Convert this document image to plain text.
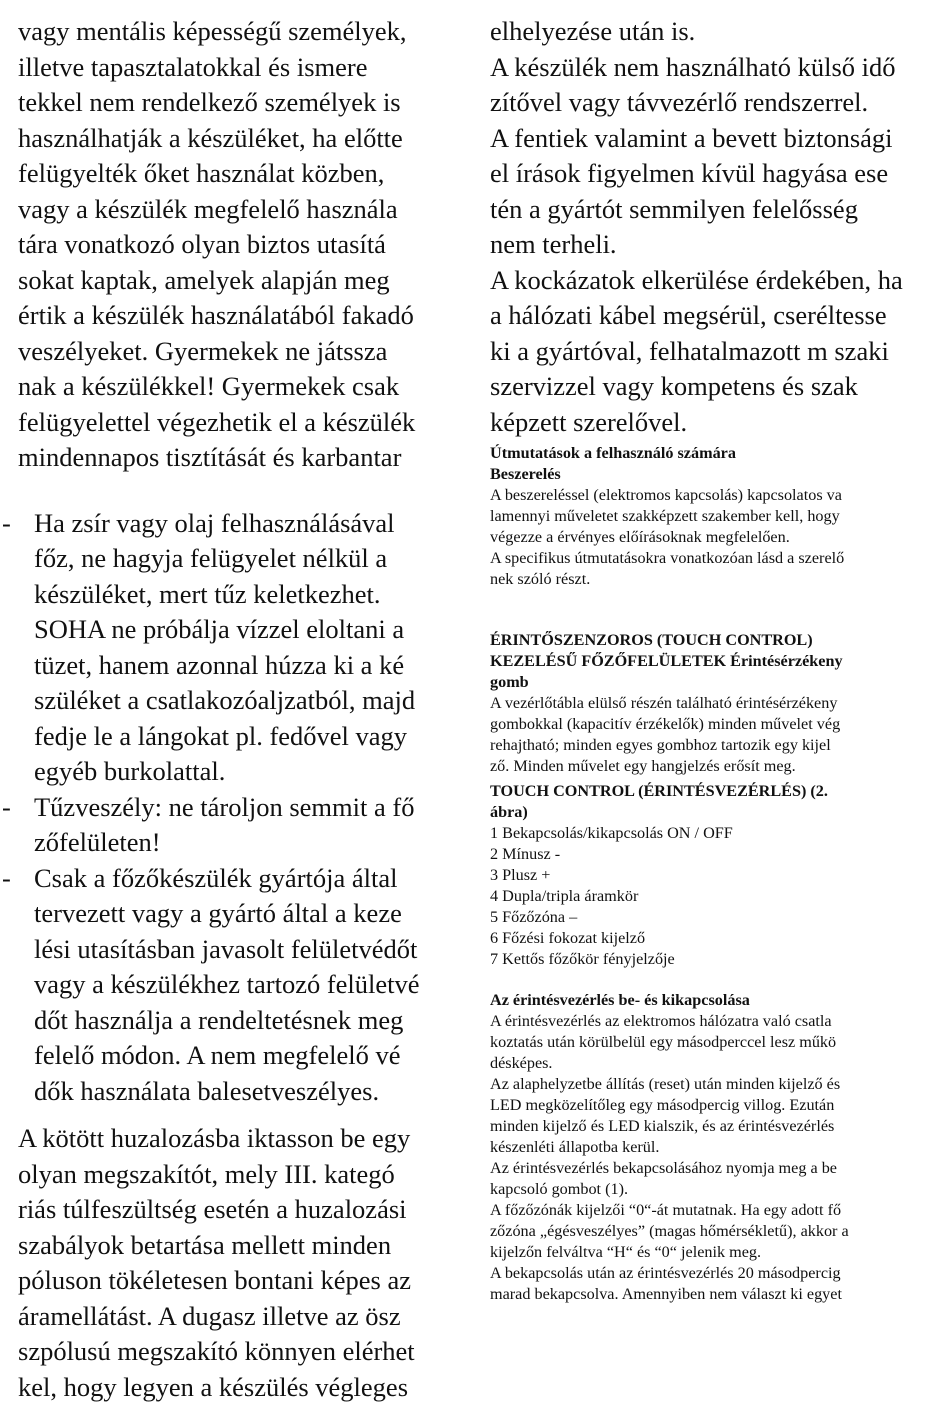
vagy mentális képességű személyek,
illetve tapasztalatokkal és ismere
tekkel nem rendelkező személyek is
használhatják a készüléket, ha előtte
felügyelték őket használat közben,
vagy a készülék megfelelő használa
tára vonatkozó olyan biztos utasítá
sokat kaptak, amelyek alapján meg
értik a készülék használatából fakadó
veszélyeket. Gyermekek ne játssza
nak a készülékkel! Gyermekek csak
felügyelettel végezhetik el a készülék
mindennapos tisztítását és karbantar
- Ha zsír vagy olaj felhasználásával
főz, ne hagyja felügyelet nélkül a
készüléket, mert tűz keletkezhet.
SOHA ne próbálja vízzel eloltani a
tüzet, hanem azonnal húzza ki a ké
szüléket a csatlakozóaljzatból, majd
fedje le a lángokat pl. fedővel vagy
egyéb burkolattal.
- Tűzveszély: ne tároljon semmit a fő
zőfelületen!
- Csak a főzőkészülék gyártója által
tervezett vagy a gyártó által a keze
lési utasításban javasolt felületvédőt
vagy a készülékhez tartozó felületvé
dőt használja a rendeltetésnek meg
felelő módon. A nem megfelelő vé
dők használata balesetveszélyes.
A kötött huzalozásba iktasson be egy
olyan megszakítót, mely III. kategó
riás túlfeszültség esetén a huzalozási
szabályok betartása mellett minden
póluson tökéletesen bontani képes az
áramellátást. A dugasz illetve az ösz
szpólusú megszakító könnyen elérhet
kel, hogy legyen a készülés végleges
elhelyezése után is.
A készülék nem használható külső idő
zítővel vagy távvezérlő rendszerrel.
A fentiek valamint a bevett biztonsági
el írások figyelmen kívül hagyása ese
tén a gyártót semmilyen felelősség
nem terheli.
A kockázatok elkerülése érdekében, ha
a hálózati kábel megsérül, cseréltesse
ki a gyártóval, felhatalmazott m szaki
szervizzel vagy kompetens és szak
képzett szerelővel.
Útmutatások a felhasználó számára
Beszerelés
A beszereléssel (elektromos kapcsolás) kapcsolatos va
lamennyi műveletet szakképzett szakember kell, hogy
végezze a érvényes előírásoknak megfelelően.
A specifikus útmutatásokra vonatkozóan lásd a szerelő
nek szóló részt.
ÉRINTŐSZENZOROS (TOUCH CONTROL)
KEZELÉSŰ FŐZŐFELÜLETEK Érintésérzékeny
gomb
A vezérlőtábla elülső részén található érintésérzékeny
gombokkal (kapacitív érzékelők) minden művelet vég
rehajtható; minden egyes gombhoz tartozik egy kijel
ző. Minden művelet egy hangjelzés erősít meg.
TOUCH CONTROL (ÉRINTÉSVEZÉRLÉS) (2.
ábra)
1 Bekapcsolás/kikapcsolás ON / OFF
2 Mínusz -
3 Plusz +
4 Dupla/tripla áramkör
5 Főzőzóna –
6 Főzési fokozat kijelző
7 Kettős főzőkör fényjelzője
Az érintésvezérlés be- és kikapcsolása
A érintésvezérlés az elektromos hálózatra való csatla
koztatás után körülbelül egy másodperccel lesz műkö
désképes.
Az alaphelyzetbe állítás (reset) után minden kijelző és
LED megközelítőleg egy másodpercig villog. Ezután
minden kijelző és LED kialszik, és az érintésvezérlés
készenléti állapotba kerül.
Az érintésvezérlés bekapcsolásához nyomja meg a be
kapcsoló gombot (1).
A főzőzónák kijelzői “0“-át mutatnak. Ha egy adott fő
zőzóna „égésveszélyes” (magas hőmérsékletű), akkor a
kijelzőn felváltva “H“ és “0“ jelenik meg.
A bekapcsolás után az érintésvezérlés 20 másodpercig
marad bekapcsolva. Amennyiben nem választ ki egyet
